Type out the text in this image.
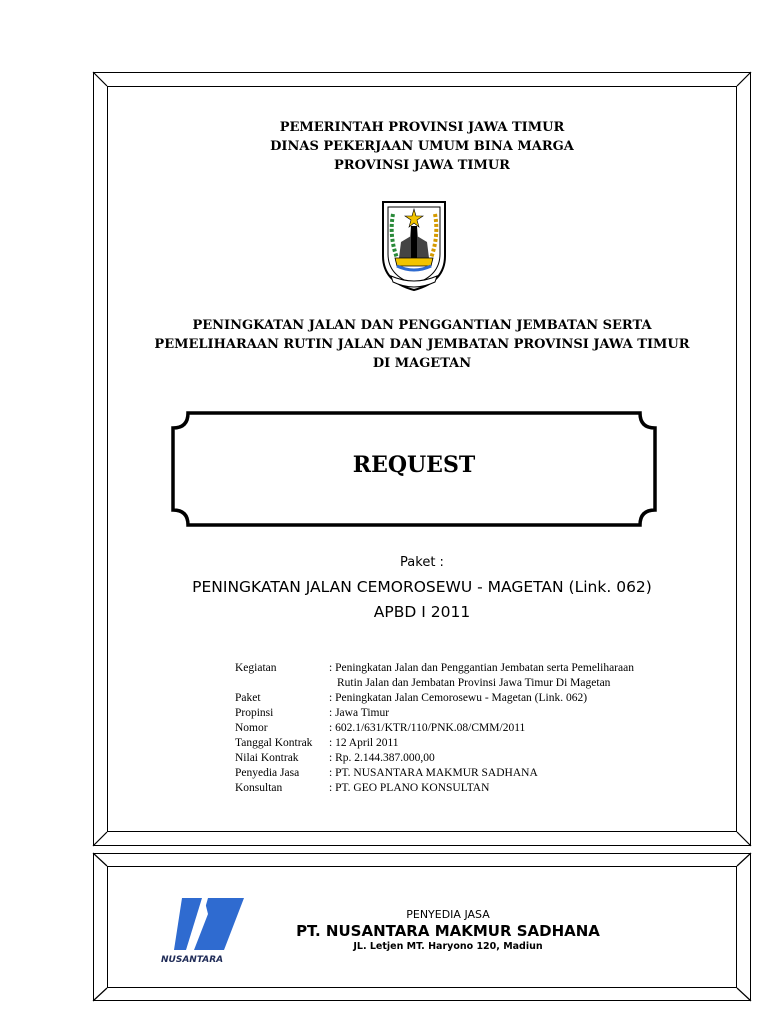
PEMERINTAH PROVINSI JAWA TIMUR
DINAS PEKERJAAN UMUM BINA MARGA
PROVINSI JAWA TIMUR
PENINGKATAN JALAN DAN PENGGANTIAN JEMBATAN SERTA
PEMELIHARAAN RUTIN JALAN DAN JEMBATAN PROVINSI JAWA TIMUR
DI MAGETAN
REQUEST
Paket :
PENINGKATAN JALAN CEMOROSEWU - MAGETAN (Link. 062)
APBD I 2011
Kegiatan	: Peningkatan Jalan dan Penggantian Jembatan serta Pemeliharaan
Rutin Jalan dan Jembatan Provinsi Jawa Timur Di Magetan
Paket	: Peningkatan Jalan Cemorosewu - Magetan (Link. 062)
Propinsi	: Jawa Timur
Nomor	: 602.1/631/KTR/110/PNK.08/CMM/2011
Tanggal Kontrak	: 12 April 2011
Nilai Kontrak	: Rp. 2.144.387.000,00
Penyedia Jasa	: PT. NUSANTARA MAKMUR SADHANA
Konsultan	: PT. GEO PLANO KONSULTAN
NUSANTARA
PENYEDIA JASA
PT. NUSANTARA MAKMUR SADHANA
JL. Letjen MT. Haryono 120, Madiun
